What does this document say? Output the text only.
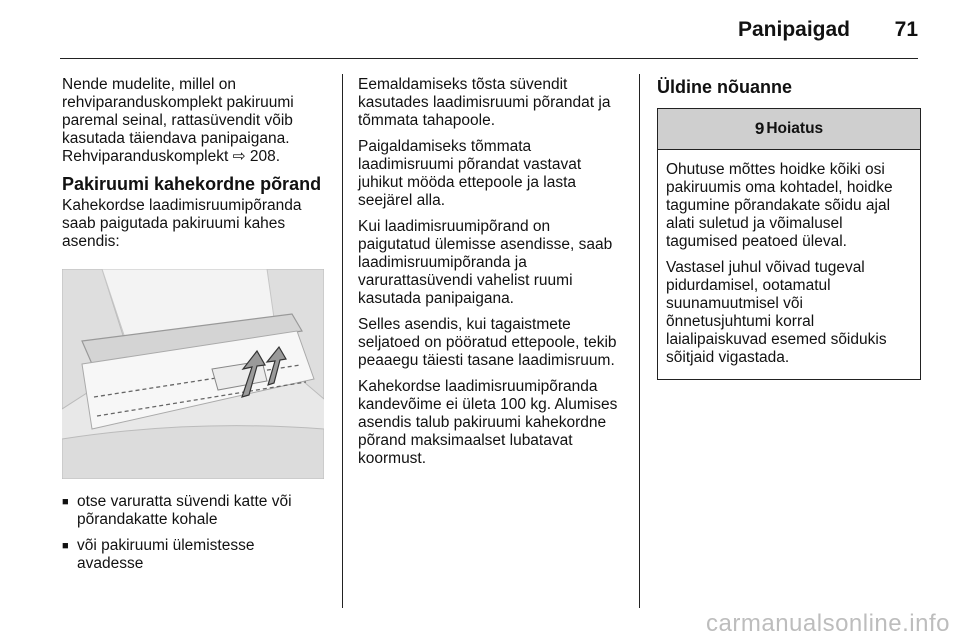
Panipaigad 71

Nende mudelite, millel on
rehviparanduskomplekt pakiruumi
paremal seinal, rattasüvendit võib
kasutada täiendava panipaigana.
Rehviparanduskomplekt ⇨ 208.

Pakiruumi kahekordne põrand

Kahekordse laadimisruumipõranda
saab paigutada pakiruumi kahes
asendis:

■ otse varuratta süvendi katte või
põrandakatte kohale
■ või pakiruumi ülemistesse
avadesse

Eemaldamiseks tõsta süvendit
kasutades laadimisruumi põrandat ja
tõmmata tahapoole.

Paigaldamiseks tõmmata
laadimisruumi põrandat vastavat
juhikut mööda ettepoole ja lasta
seejärel alla.

Kui laadimisruumipõrand on
paigutatud ülemisse asendisse, saab
laadimisruumipõranda ja
varurattasüvendi vahelist ruumi
kasutada panipaigana.

Selles asendis, kui tagaistmete
seljatoed on pööratud ettepoole, tekib
peaaegu täiesti tasane laadimisruum.

Kahekordse laadimisruumipõranda
kandevõime ei ületa 100 kg. Alumises
asendis talub pakiruumi kahekordne
põrand maksimaalset lubatavat
koormust.

Üldine nõuanne
9 Hoiatus

Ohutuse mõttes hoidke kõiki osi
pakiruumis oma kohtadel, hoidke
tagumine põrandakate sõidu ajal
alati suletud ja võimalusel
tagumised peatoed üleval.

Vastasel juhul võivad tugeval
pidurdamisel, ootamatul
suunamuutmisel või
õnnetusjuhtumi korral
laialipaiskuvad esemed sõidukis
sõitjaid vigastada.

carmanualsonline.info
